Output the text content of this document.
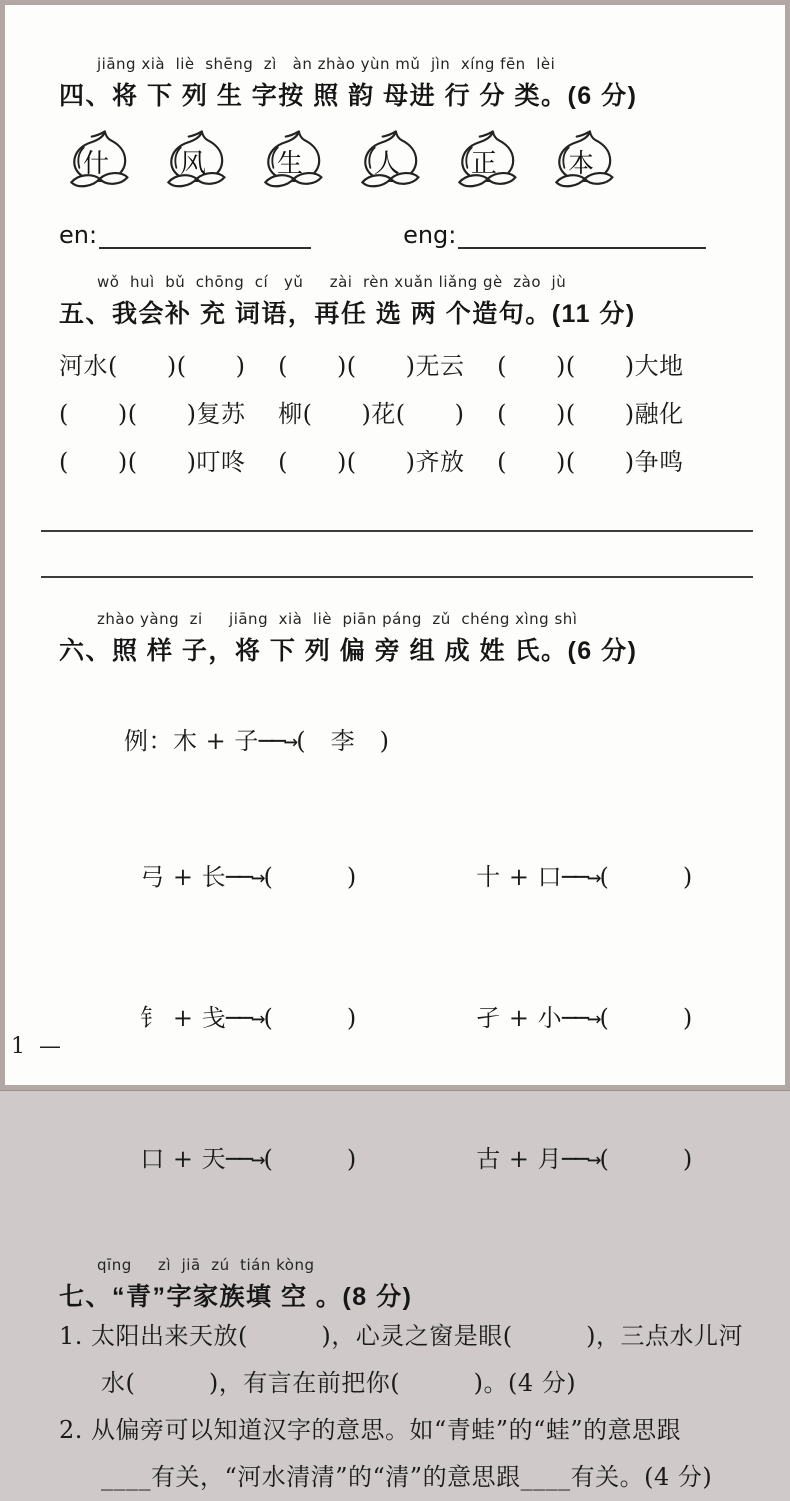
jiāng xià  liè  shēng  zì   àn zhào yùn mǔ  jìn  xíng fēn  lèi
四、将 下 列 生 字按 照 韵 母进 行 分 类。(6 分)
什	风	生	人	正	本
en:	eng:
wǒ  huì  bǔ  chōng  cí   yǔ     zài  rèn xuǎn liǎng gè  zào  jù
五、我会补 充 词语，再任 选 两 个造句。(11 分)
河水(　　)(　　)　 (　　)(　　)无云 　(　　)(　　)大地
(　　)(　　)复苏 　柳(　　)花(　　)　 (　　)(　　)融化
(　　)(　　)叮咚 　(　　)(　　)齐放 　(　　)(　　)争鸣
zhào yàng  zi     jiāng  xià  liè  piān páng  zǔ  chéng xìng shì
六、照 样 子，将 下 列 偏 旁 组 成 姓 氏。(6 分)

例：木 + 子──→(　李　)

弓 + 长──→(　　　)
	十 + 口──→(　　　)

钅 + 戋──→(　　　)
	孑 + 小──→(　　　)

口 + 天──→(　　　)
	古 + 月──→(　　　)

qīng     zì  jiā  zú  tián kòng
七、“青”字家族填 空 。(8 分)
1. 太阳出来天放(　　　)，心灵之窗是眼(　　　)，三点水儿河
水(　　　)，有言在前把你(　　　)。(4 分)
2. 从偏旁可以知道汉字的意思。如“青蛙”的“蛙”的意思跟
____有关，“河水清清”的“清”的意思跟____有关。(4 分)
1 —
